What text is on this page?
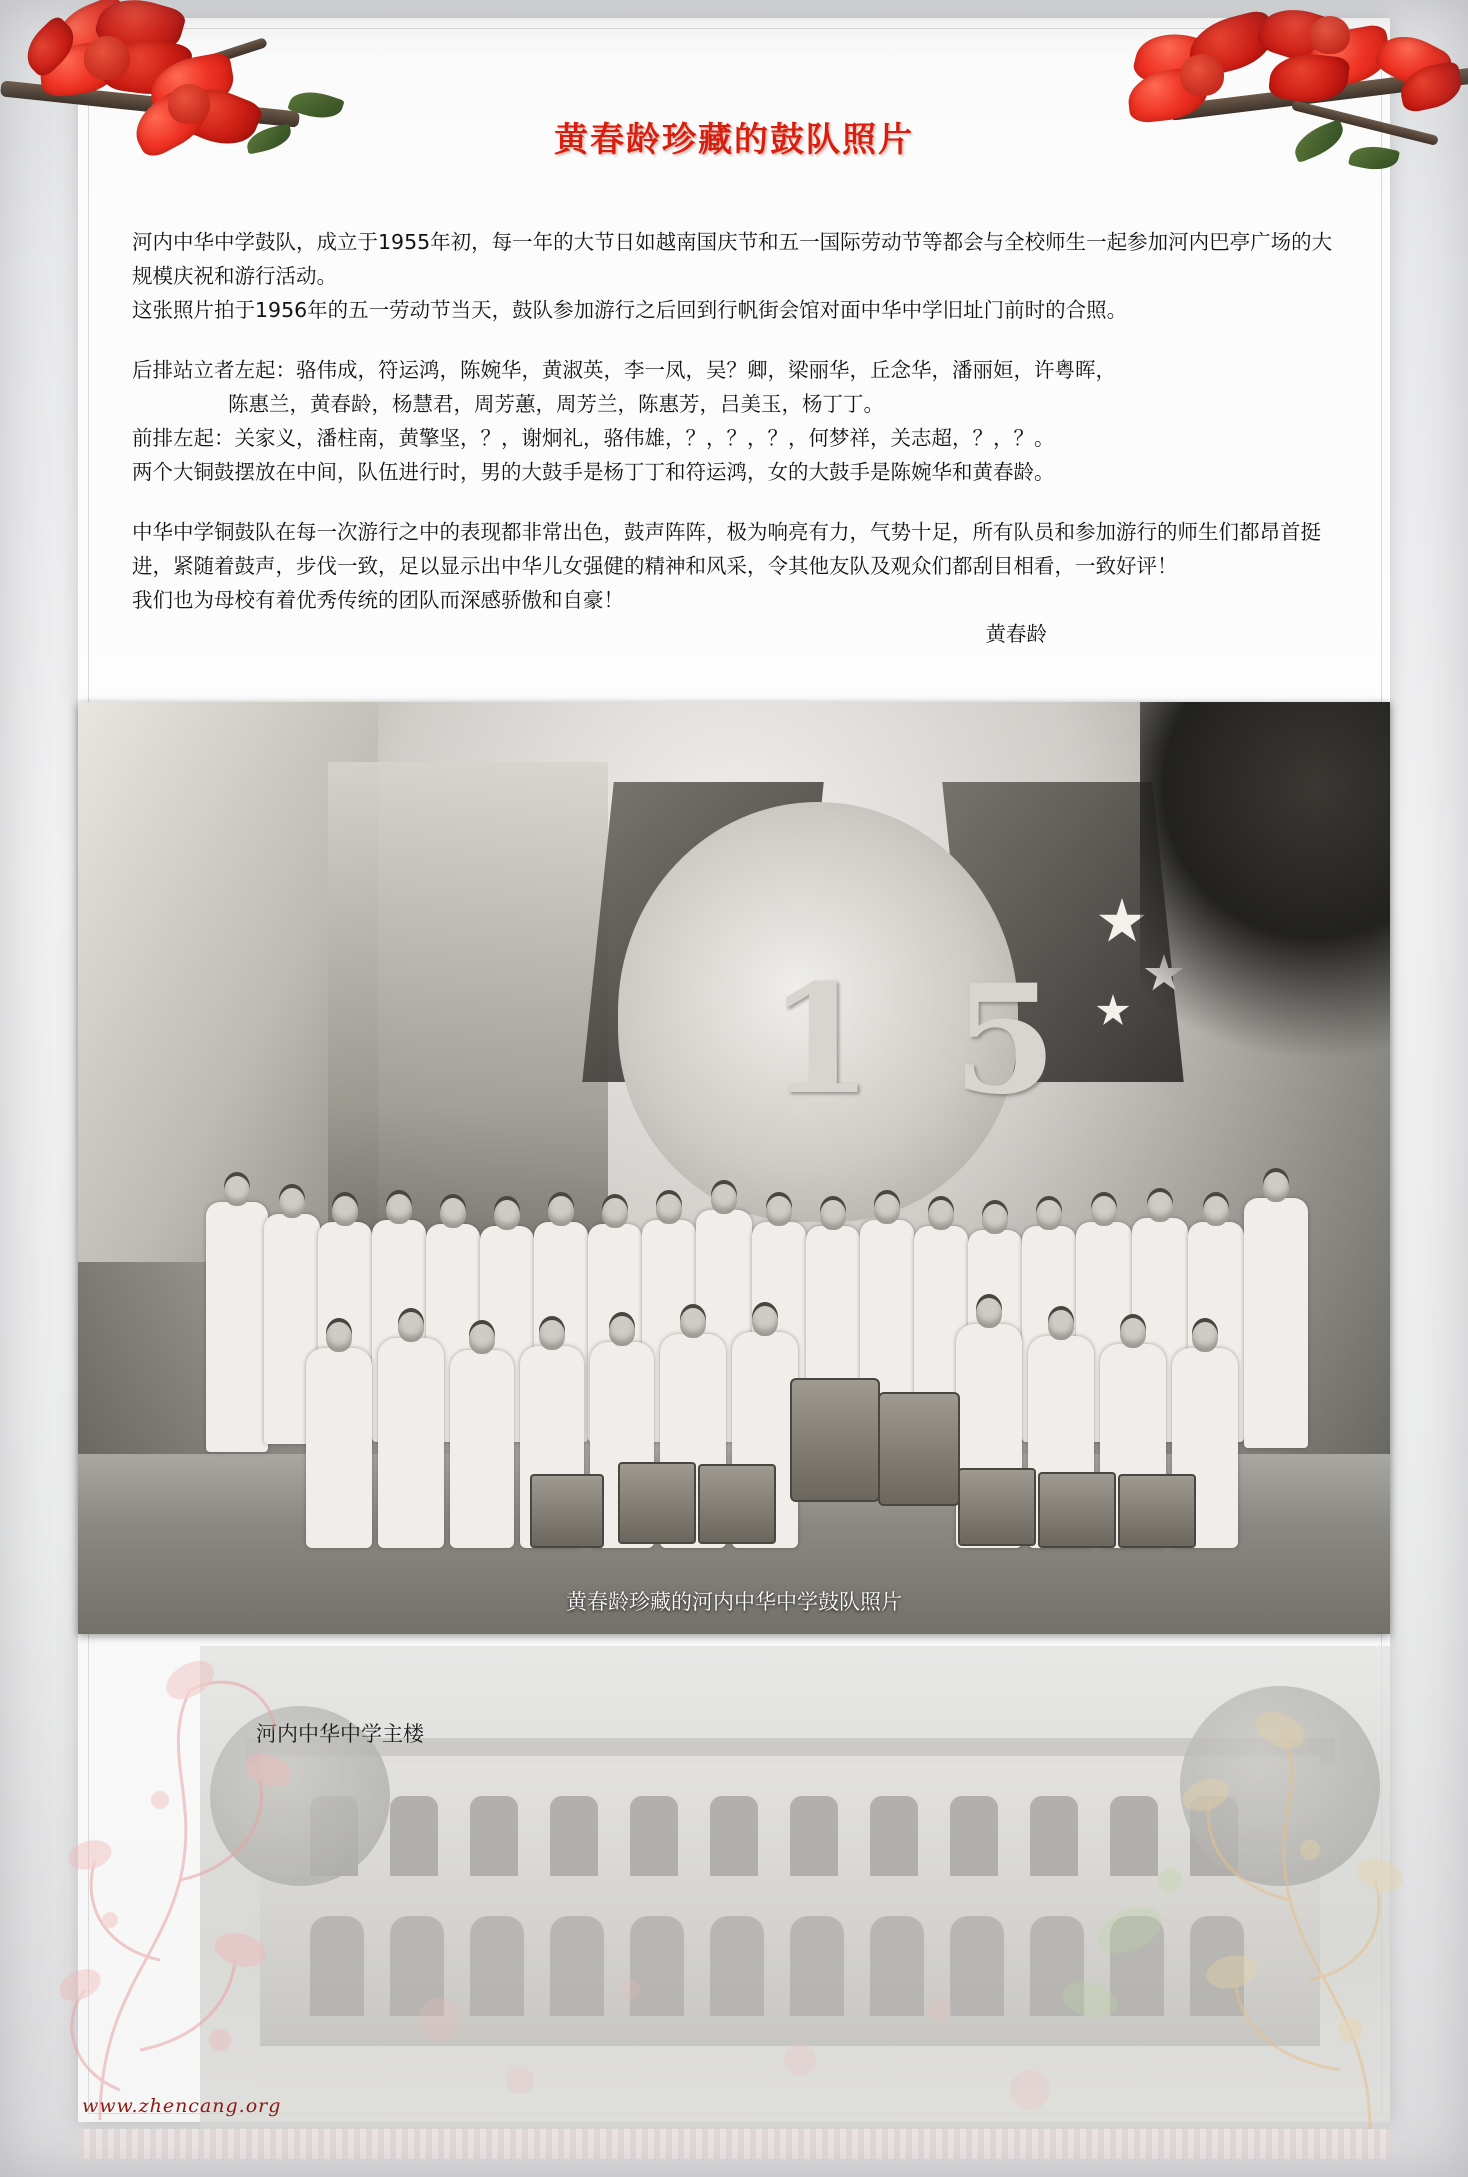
黄春龄珍藏的鼓队照片

河内中华中学鼓队，成立于1955年初，每一年的大节日如越南国庆节和五一国际劳动节等都会与全校师生一起参加河内巴亭广场的大规模庆祝和游行活动。

这张照片拍于1956年的五一劳动节当天，鼓队参加游行之后回到行帆街会馆对面中华中学旧址门前时的合照。

后排站立者左起：骆伟成，符运鸿，陈婉华，黄淑英，李一凤，吴？卿，梁丽华，丘念华，潘丽姮，许粤晖，

陈惠兰，黄春龄，杨慧君，周芳蕙，周芳兰，陈惠芳，吕美玉，杨丁丁。

前排左起：关家义，潘柱南，黄擎坚，？，谢炯礼，骆伟雄，？，？，？，何梦祥，关志超，？，？。

两个大铜鼓摆放在中间，队伍进行时，男的大鼓手是杨丁丁和符运鸿，女的大鼓手是陈婉华和黄春龄。

中华中学铜鼓队在每一次游行之中的表现都非常出色，鼓声阵阵，极为响亮有力，气势十足，所有队员和参加游行的师生们都昂首挺进，紧随着鼓声，步伐一致，足以显示出中华儿女强健的精神和风采，令其他友队及观众们都刮目相看，一致好评！

我们也为母校有着优秀传统的团队而深感骄傲和自豪！

黄春龄

1 5
黄春龄珍藏的河内中华中学鼓队照片
河内中华中学主楼
www.zhencang.org
